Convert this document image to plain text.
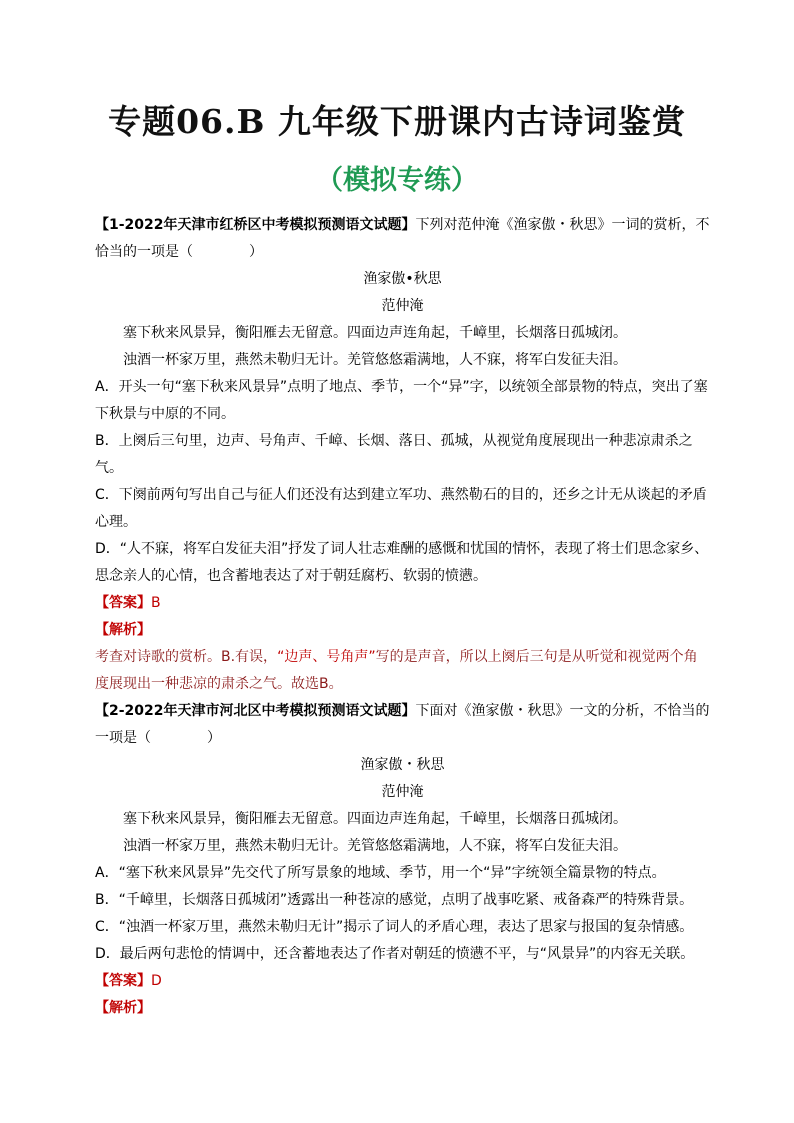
专题06.B 九年级下册课内古诗词鉴赏
（模拟专练）

【1-2022年天津市红桥区中考模拟预测语文试题】下列对范仲淹《渔家傲・秋思》一词的赏析，不恰当的一项是（　　　　）

渔家傲•秋思

范仲淹

塞下秋来风景异，衡阳雁去无留意。四面边声连角起，千嶂里，长烟落日孤城闭。

浊酒一杯家万里，燕然未勒归无计。羌管悠悠霜满地，人不寐，将军白发征夫泪。

A．开头一句“塞下秋来风景异”点明了地点、季节，一个“异”字，以统领全部景物的特点，突出了塞下秋景与中原的不同。

B．上阕后三句里，边声、号角声、千嶂、长烟、落日、孤城，从视觉角度展现出一种悲凉肃杀之气。

C．下阕前两句写出自己与征人们还没有达到建立军功、燕然勒石的目的，还乡之计无从谈起的矛盾心理。

D．“人不寐，将军白发征夫泪”抒发了词人壮志难酬的感慨和忧国的情怀，表现了将士们思念家乡、思念亲人的心情，也含蓄地表达了对于朝廷腐朽、软弱的愤懑。

【答案】B

【解析】

考查对诗歌的赏析。B.有误，“边声、号角声”写的是声音，所以上阕后三句是从听觉和视觉两个角度展现出一种悲凉的肃杀之气。故选B。

【2-2022年天津市河北区中考模拟预测语文试题】下面对《渔家傲・秋思》一文的分析，不恰当的一项是（　　　　）

渔家傲・秋思

范仲淹

塞下秋来风景异，衡阳雁去无留意。四面边声连角起，千嶂里，长烟落日孤城闭。

浊酒一杯家万里，燕然未勒归无计。羌管悠悠霜满地，人不寐，将军白发征夫泪。

A．“塞下秋来风景异”先交代了所写景象的地域、季节，用一个“异”字统领全篇景物的特点。

B．“千嶂里，长烟落日孤城闭”透露出一种苍凉的感觉，点明了战事吃紧、戒备森严的特殊背景。

C．“浊酒一杯家万里，燕然未勒归无计”揭示了词人的矛盾心理，表达了思家与报国的复杂情感。

D．最后两句悲怆的情调中，还含蓄地表达了作者对朝廷的愤懑不平，与“风景异”的内容无关联。

【答案】D

【解析】
